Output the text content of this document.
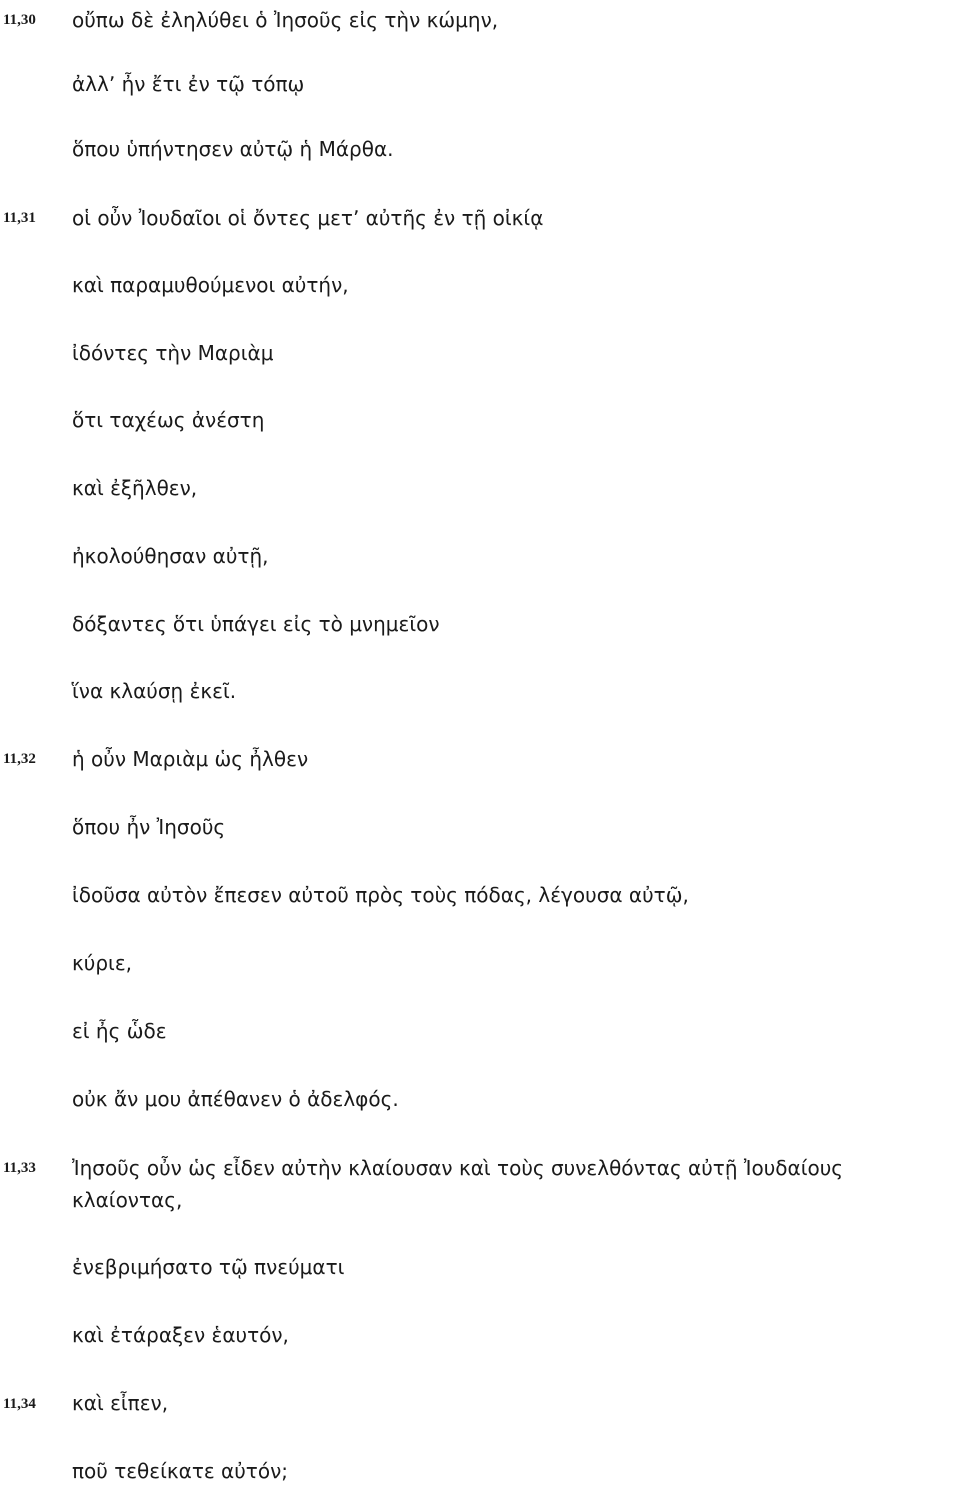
11,30 οὔπω δὲ ἐληλύθει ὁ Ἰησοῦς εἰς τὴν κώμην,
ἀλλʼ ἦν ἔτι ἐν τῷ τόπῳ
ὅπου ὑπήντησεν αὐτῷ ἡ Μάρθα.
11,31 οἱ οὖν Ἰουδαῖοι οἱ ὄντες μετʼ αὐτῆς ἐν τῇ οἰκίᾳ
καὶ παραμυθούμενοι αὐτήν,
ἰδόντες τὴν Μαριὰμ
ὅτι ταχέως ἀνέστη
καὶ ἐξῆλθεν,
ἠκολούθησαν αὐτῇ,
δόξαντες ὅτι ὑπάγει εἰς τὸ μνημεῖον
ἵνα κλαύσῃ ἐκεῖ.
11,32 ἡ οὖν Μαριὰμ ὡς ἦλθεν
ὅπου ἦν Ἰησοῦς
ἰδοῦσα αὐτὸν ἔπεσεν αὐτοῦ πρὸς τοὺς πόδας, λέγουσα αὐτῷ,
κύριε,
εἰ ἦς ὧδε
οὐκ ἄν μου ἀπέθανεν ὁ ἀδελφός.
11,33 Ἰησοῦς οὖν ὡς εἶδεν αὐτὴν κλαίουσαν καὶ τοὺς συνελθόντας αὐτῇ Ἰουδαίους
κλαίοντας,
ἐνεβριμήσατο τῷ πνεύματι
καὶ ἐτάραξεν ἑαυτόν,
11,34 καὶ εἶπεν,
ποῦ τεθείκατε αὐτόν;
